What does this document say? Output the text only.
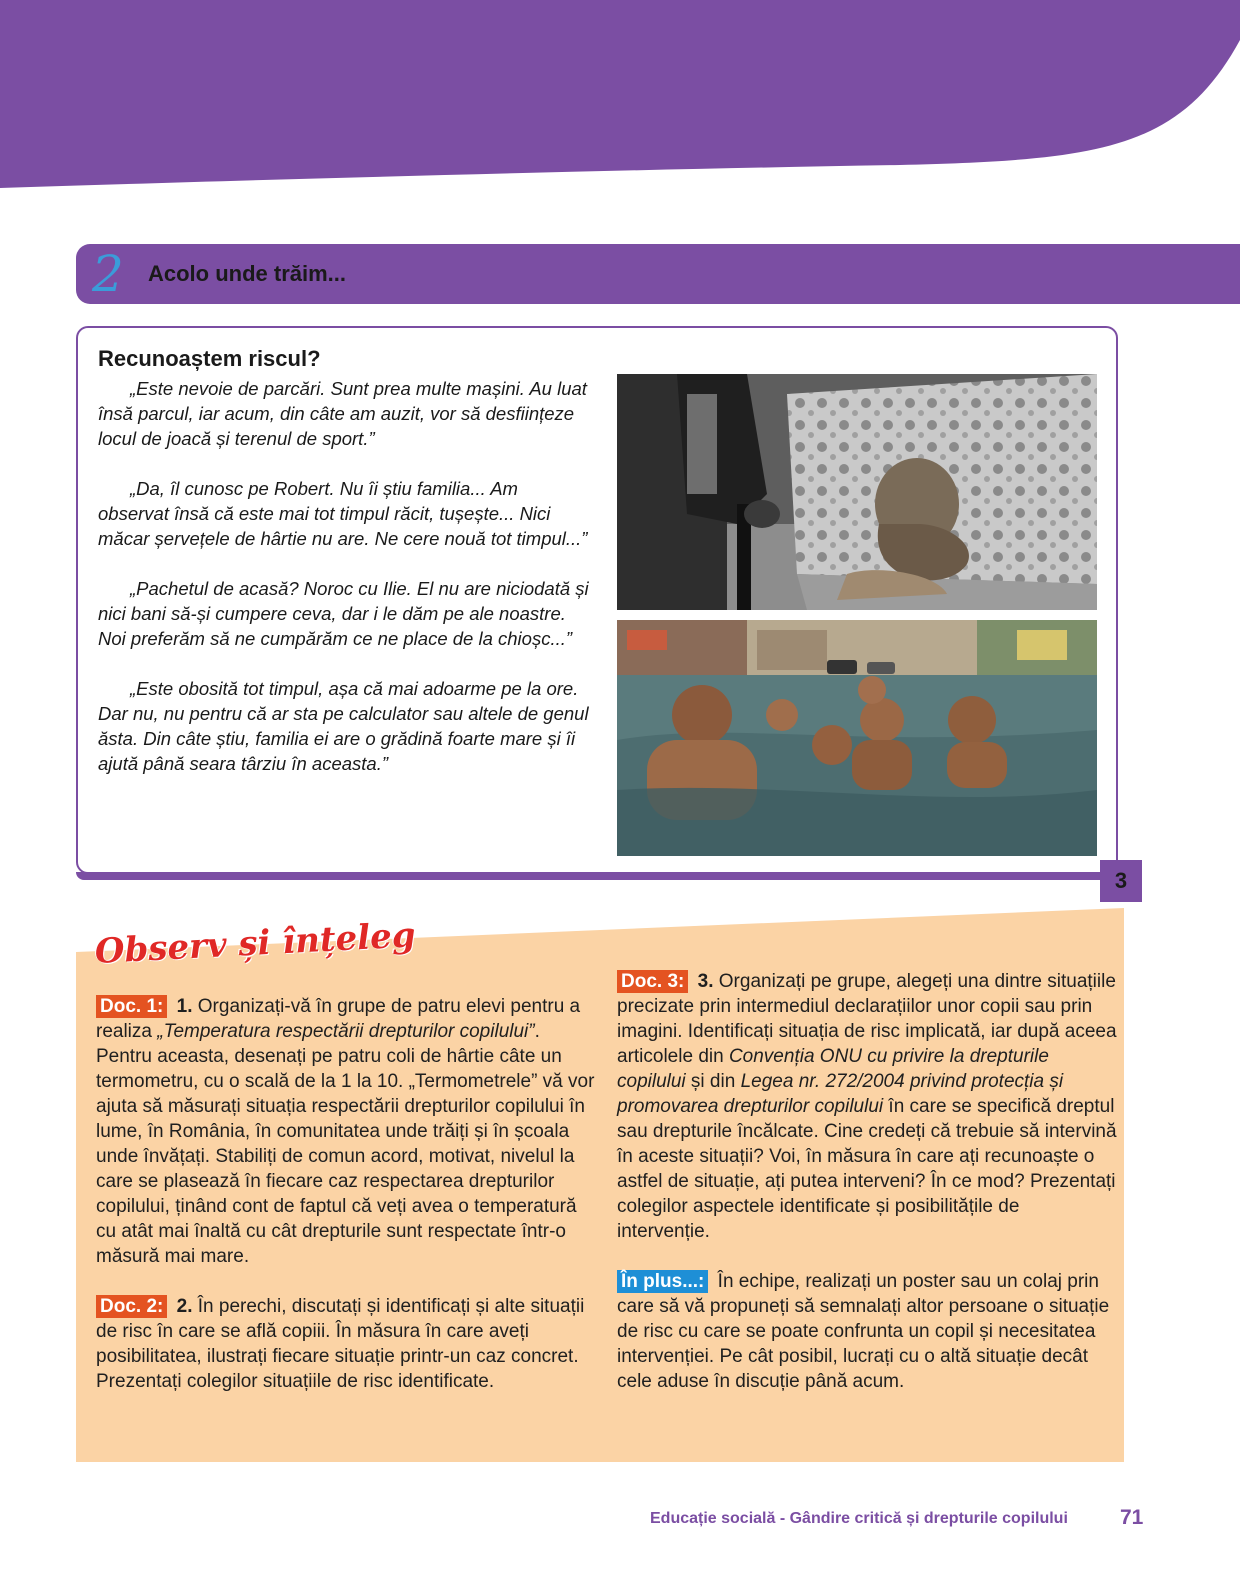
2 Acolo unde trăim...
Recunoaștem riscul?

„Este nevoie de parcări. Sunt prea multe mașini. Au luat însă parcul, iar acum, din câte am auzit, vor să desființeze locul de joacă și terenul de sport.”

„Da, îl cunosc pe Robert. Nu îi știu familia... Am observat însă că este mai tot timpul răcit, tușește... Nici măcar șervețele de hârtie nu are. Ne cere nouă tot timpul...”

„Pachetul de acasă? Noroc cu Ilie. El nu are niciodată și nici bani să-și cumpere ceva, dar i le dăm pe ale noastre. Noi preferăm să ne cumpărăm ce ne place de la chioșc...”

„Este obosită tot timpul, așa că mai adoarme pe la ore. Dar nu, nu pentru că ar sta pe calculator sau altele de genul ăsta. Din câte știu, familia ei are o grădină foarte mare și îi ajută până seara târziu în aceasta.”

3
Observ și înțeleg

Doc. 1: 1. Organizați-vă în grupe de patru elevi pentru a realiza „Temperatura respectării drepturilor copilului”. Pentru aceasta, desenați pe patru coli de hârtie câte un termometru, cu o scală de la 1 la 10. „Termometrele” vă vor ajuta să măsurați situația respectării drepturilor copilului în lume, în România, în comunitatea unde trăiți și în școala unde învățați. Stabiliți de comun acord, motivat, nivelul la care se plasează în fiecare caz respectarea drepturilor copilului, ținând cont de faptul că veți avea o temperatură cu atât mai înaltă cu cât drepturile sunt respectate într-o măsură mai mare.

Doc. 2: 2. În perechi, discutați și identificați și alte situații de risc în care se află copiii. În măsura în care aveți posibilitatea, ilustrați fiecare situație printr-un caz concret. Prezentați colegilor situațiile de risc identificate.

Doc. 3: 3. Organizați pe grupe, alegeți una dintre situațiile precizate prin intermediul declarațiilor unor copii sau prin imagini. Identificați situația de risc implicată, iar după aceea articolele din Convenția ONU cu privire la drepturile copilului și din Legea nr. 272/2004 privind protecția și promovarea drepturilor copilului în care se specifică dreptul sau drepturile încălcate. Cine credeți că trebuie să intervină în aceste situații? Voi, în măsura în care ați recunoaște o astfel de situație, ați putea interveni? În ce mod? Prezentați colegilor aspectele identificate și posibilitățile de intervenție.

În plus...: În echipe, realizați un poster sau un colaj prin care să vă propuneți să semnalați altor persoane o situație de risc cu care se poate confrunta un copil și necesitatea intervenției. Pe cât posibil, lucrați cu o altă situație decât cele aduse în discuție până acum.

Educație socială - Gândire critică și drepturile copilului 71
